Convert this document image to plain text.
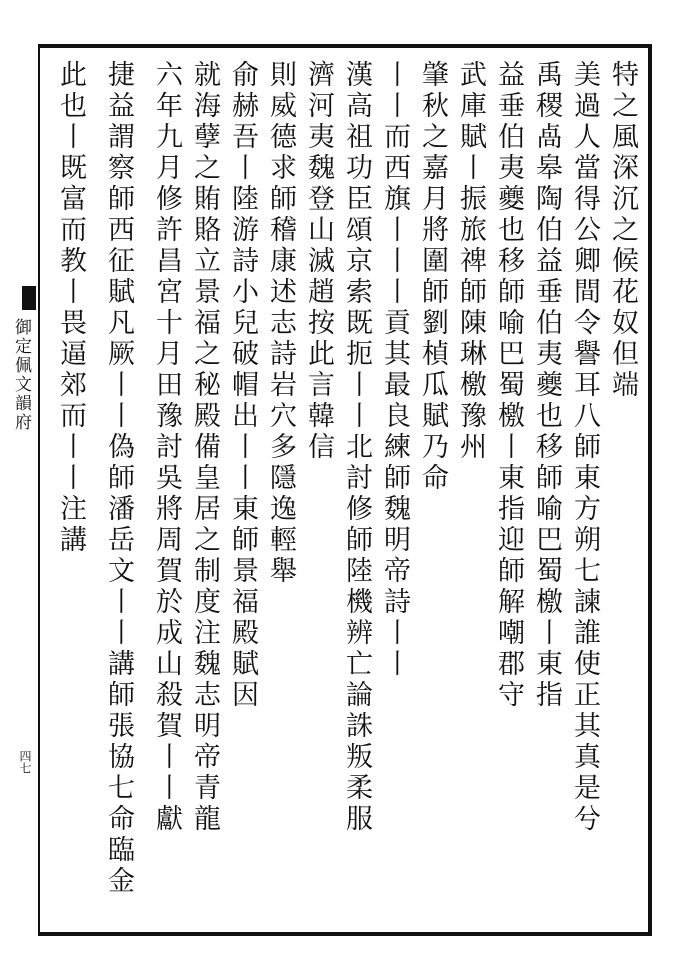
御定佩文韻府
四七
特之風深沉之候花奴但端
美過人當得公卿間令譽耳八師東方朔七諫誰使正其真是兮
禹稷卨皋陶伯益垂伯夷夔也移師喻巴蜀檄丨東指
益垂伯夷夔也移師喻巴蜀檄丨東指迎師解嘲郡守
武庫賦丨振旅禆師陳琳檄豫州
肇秋之嘉月將圍師劉楨瓜賦乃命
丨丨而西旗丨丨丨貢其最良練師魏明帝詩丨丨
漢高祖功臣頌京索既扼丨丨北討修師陸機辨亡論誅叛柔服
濟河夷魏登山滅趙按此言韓信
則威德求師稽康述志詩岩穴多隱逸輕舉
俞赫吾丨陸游詩小兒破帽出丨丨東師景福殿賦因
就海孽之賄賂立景福之秘殿備皇居之制度注魏志明帝青龍
六年九月修許昌宮十月田豫討吳將周賀於成山殺賀丨丨獻
捷益謂察師西征賦凡厥丨丨偽師潘岳文丨丨講師張協七命臨金
此也丨既富而教丨畏逼郊而丨丨注講
